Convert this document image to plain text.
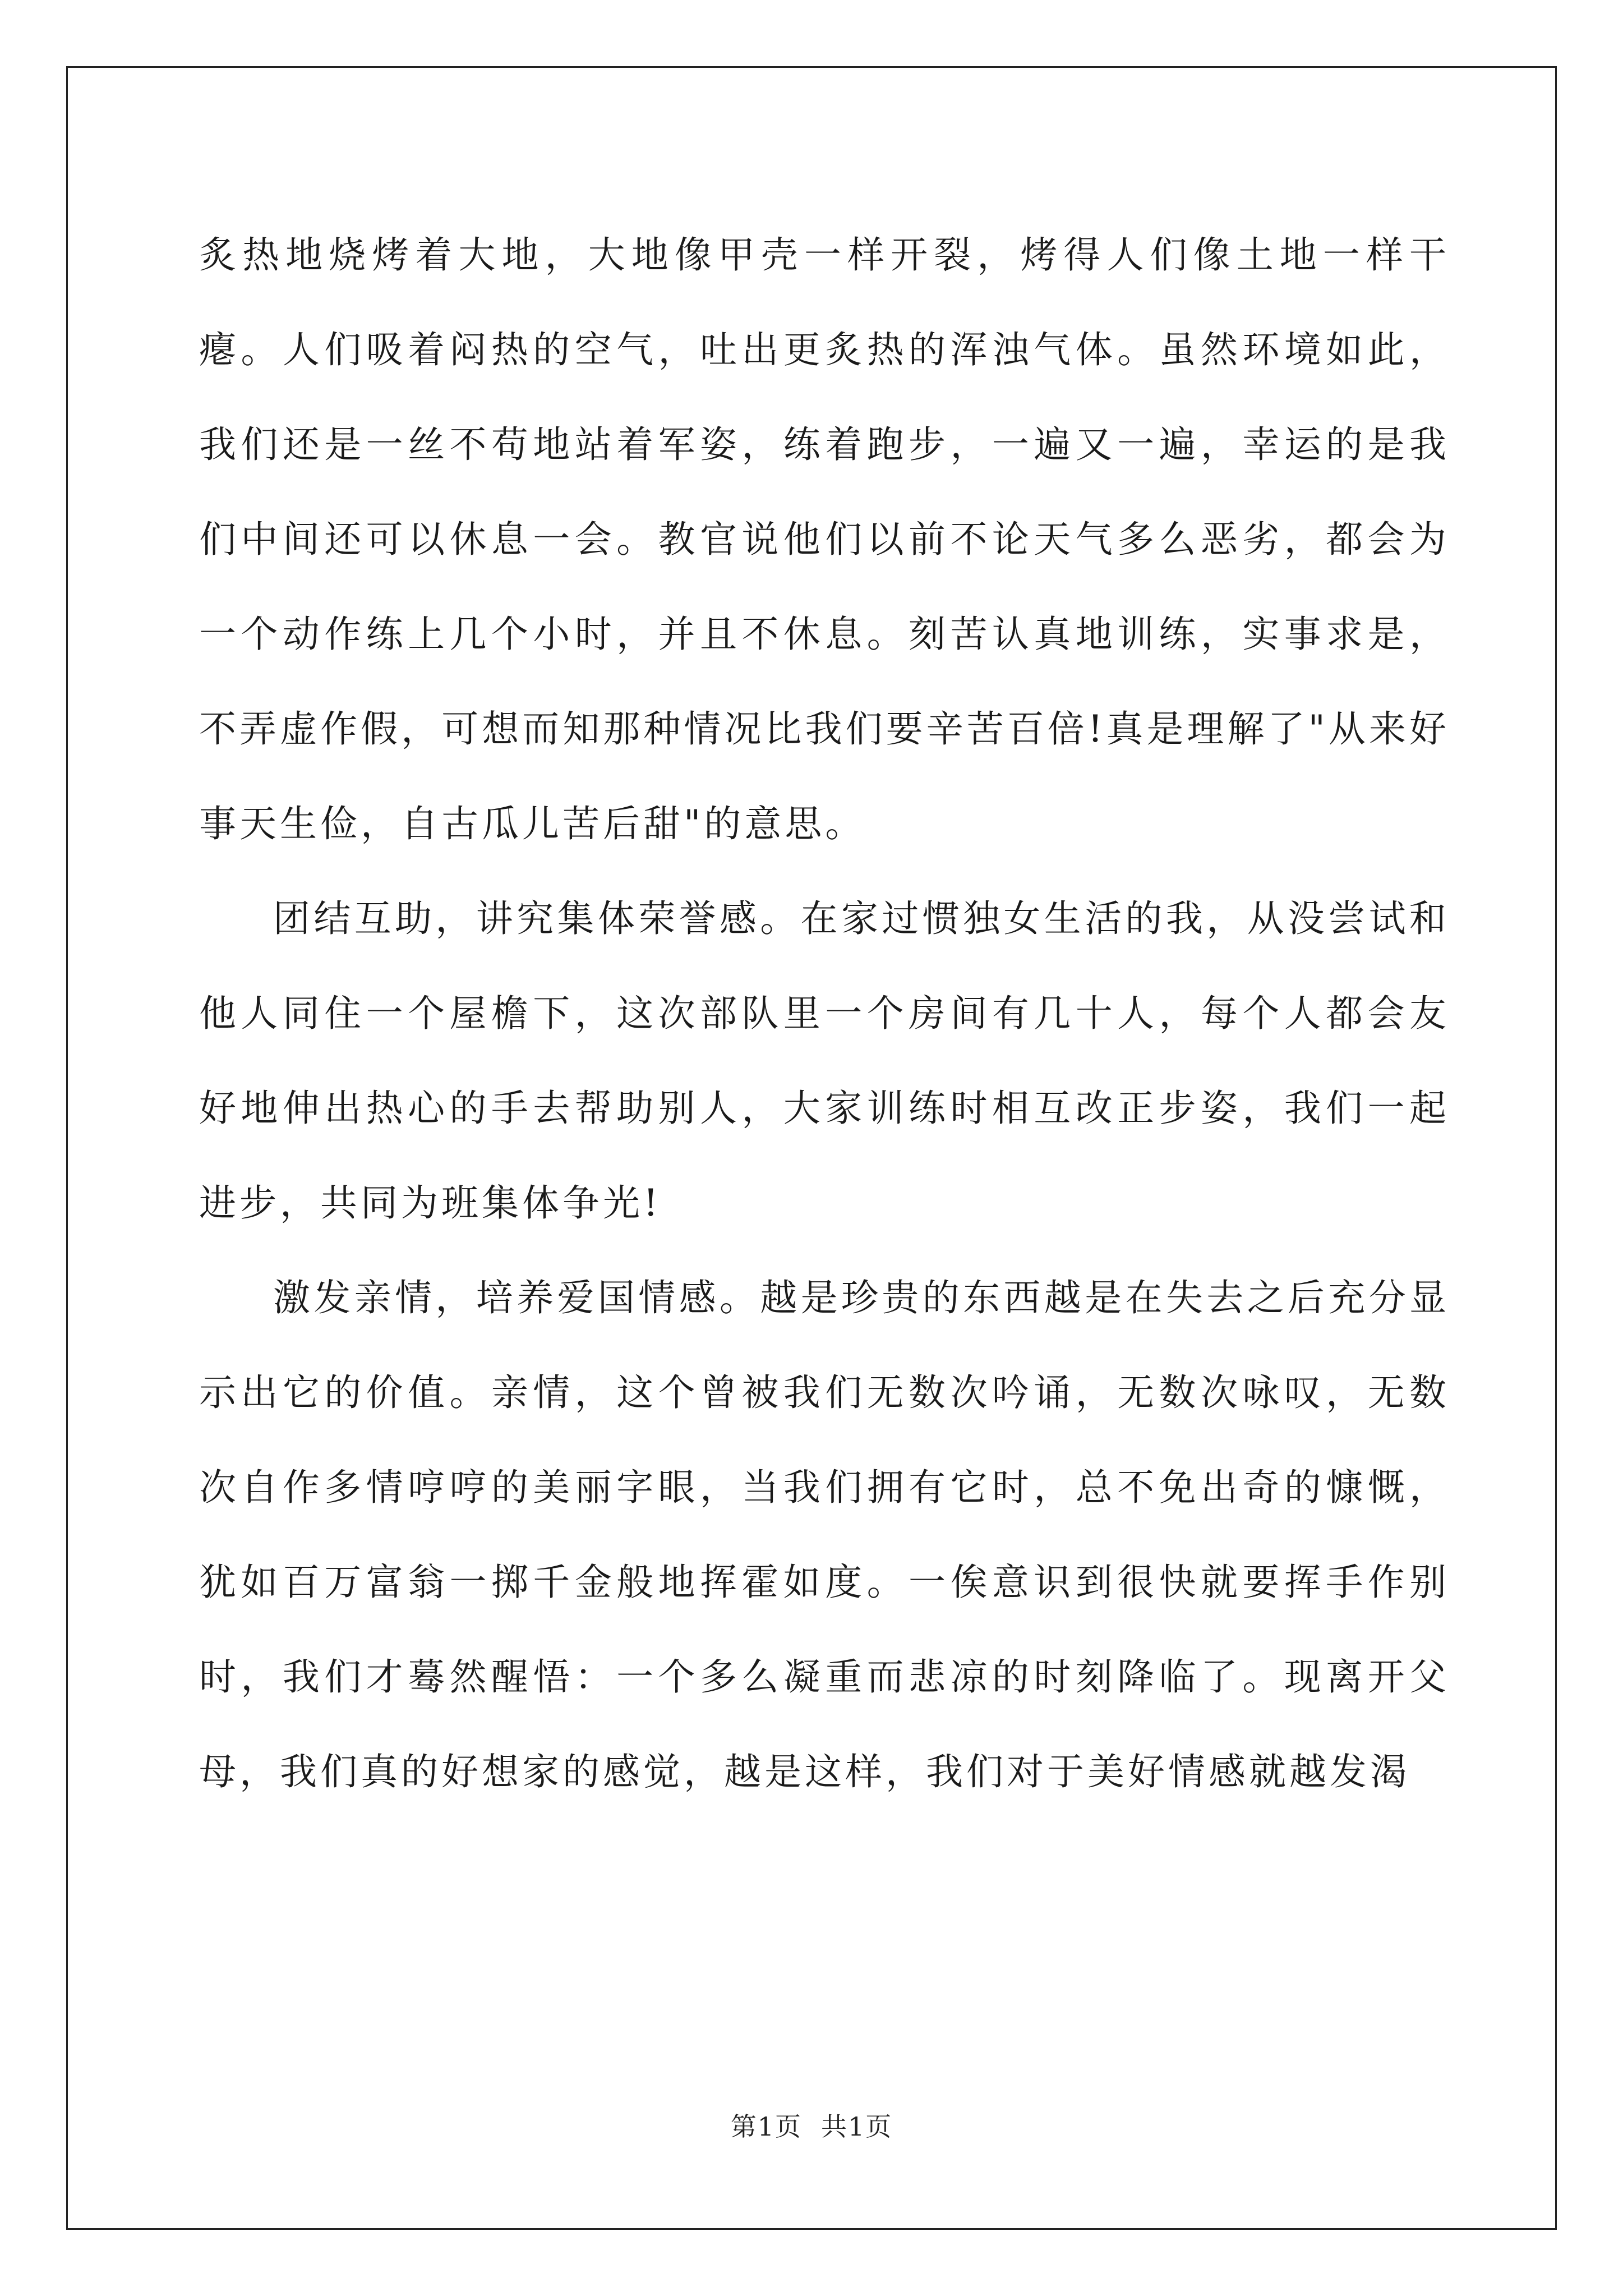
炙热地烧烤着大地，大地像甲壳一样开裂，烤得人们像土地一样干瘪。人们吸着闷热的空气，吐出更炙热的浑浊气体。虽然环境如此，我们还是一丝不苟地站着军姿，练着跑步，一遍又一遍，幸运的是我们中间还可以休息一会。教官说他们以前不论天气多么恶劣，都会为一个动作练上几个小时，并且不休息。刻苦认真地训练，实事求是，不弄虚作假，可想而知那种情况比我们要辛苦百倍!真是理解了"从来好事天生俭，自古瓜儿苦后甜"的意思。

团结互助，讲究集体荣誉感。在家过惯独女生活的我，从没尝试和他人同住一个屋檐下，这次部队里一个房间有几十人，每个人都会友好地伸出热心的手去帮助别人，大家训练时相互改正步姿，我们一起进步，共同为班集体争光!

激发亲情，培养爱国情感。越是珍贵的东西越是在失去之后充分显示出它的价值。亲情，这个曾被我们无数次吟诵，无数次咏叹，无数次自作多情哼哼的美丽字眼，当我们拥有它时，总不免出奇的慷慨，犹如百万富翁一掷千金般地挥霍如度。一俟意识到很快就要挥手作别时，我们才蓦然醒悟：一个多么凝重而悲凉的时刻降临了。现离开父母，我们真的好想家的感觉，越是这样，我们对于美好情感就越发渴

第1页 共1页
